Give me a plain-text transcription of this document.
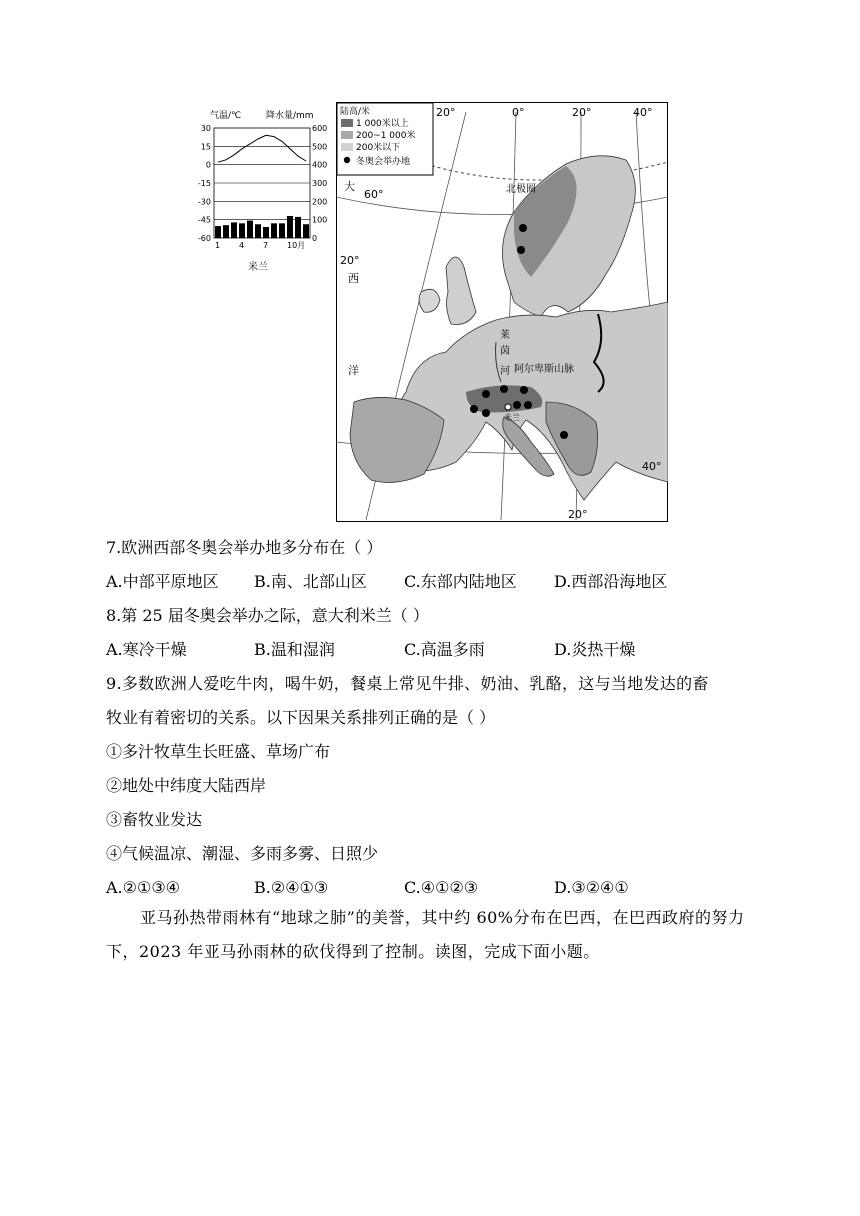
气温/℃	降水量/mm
30
15
0
-15
-30
-45
-60
600
500
400
300
200
100
0
1 4 7 10月
米兰
陆高/米
1 000米以上
200~1 000米
200米以下
冬奥会举办地
20°	0°	20°	40°
大
60°	北极圈
20°
西
洋
莱
茵
河 阿尔卑斯山脉
米兰
40°
20°
7.欧洲西部冬奥会举办地多分布在（ ）
A.中部平原地区 B.南、北部山区 C.东部内陆地区 D.西部沿海地区
8.第 25 届冬奥会举办之际，意大利米兰（ ）
A.寒冷干燥	B.温和湿润	C.高温多雨	D.炎热干燥
9.多数欧洲人爱吃牛肉，喝牛奶，餐桌上常见牛排、奶油、乳酪，这与当地发达的畜
牧业有着密切的关系。以下因果关系排列正确的是（ ）
①多汁牧草生长旺盛、草场广布
②地处中纬度大陆西岸
③畜牧业发达
④气候温凉、潮湿、多雨多雾、日照少
A.②①③④	B.②④①③	C.④①②③	D.③②④①
亚马孙热带雨林有“地球之肺”的美誉，其中约 60%分布在巴西，在巴西政府的努力下，2023 年亚马孙雨林的砍伐得到了控制。读图，完成下面小题。
